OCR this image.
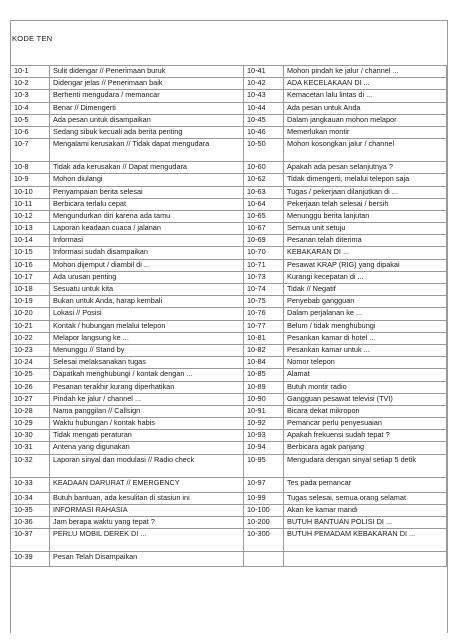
KODE TEN
10-1	Sulit didengar // Penerimaan buruk	10-41	Mohon pindah ke jalur / channel ...
10-2	Didengar jelas // Penerimaan baik	10-42	ADA KECELAKAAN DI ...
10-3	Berhenti mengudara / memancar	10-43	Kemacetan lalu lintas di ...
10-4	Benar // Dimengerti	10-44	Ada pesan untuk Anda
10-5	Ada pesan untuk disampaikan	10-45	Dalam jangkauan mohon melapor
10-6	Sedang sibuk kecuali ada berita penting	10-46	Memerlukan montir
10-7	Mengalami kerusakan // Tidak dapat mengudara	10-50	Mohon kosongkan jalur / channel
10-8	Tidak ada kerusakan // Dapat mengudara	10-60	Apakah ada pesan selanjutnya ?
10-9	Mohon diulangi	10-62	Tidak dimengerti, melalui telepon saja
10-10	Penyampaian berita selesai	10-63	Tugas / pekerjaan dilanjutkan di ...
10-11	Berbicara terlalu cepat	10-64	Pekerjaan telah selesai / bersih
10-12	Mengundurkan diri karena ada tamu	10-65	Menunggu berita lanjutan
10-13	Laporan keadaan cuaca / jalanan	10-67	Semua unit setuju
10-14	Informasi	10-69	Pesanan telah diterima
10-15	Informasi sudah disampaikan	10-70	KEBAKARAN DI ...
10-16	Mohon dijemput / diambil di ...	10-71	Pesawat KRAP (RIG) yang dipakai
10-17	Ada urusan penting	10-73	Kurangi kecepatan di ...
10-18	Sesuatu untuk kita	10-74	Tidak // Negatif
10-19	Bukan untuk Anda, harap kembali	10-75	Penyebab gangguan
10-20	Lokasi // Posisi	10-76	Dalam perjalanan ke ...
10-21	Kontak / hubungan melalui telepon	10-77	Belum / tidak menghubungi
10-22	Melapor langsung ke ...	10-81	Pesankan kamar di hotel ...
10-23	Menunggu // Stand by	10-82	Pesankan kamar untuk ...
10-24	Selesai melaksanakan tugas	10-84	Nomor telepon
10-25	Dapatkah menghubungi / kontak dengan ...	10-85	Alamat
10-26	Pesanan terakhir kurang diperhatikan	10-89	Butuh montir radio
10-27	Pindah ke jalur / channel ...	10-90	Gangguan pesawat televisi (TVI)
10-28	Nama panggilan // Callsign	10-91	Bicara dekat mikropon
10-29	Waktu hubungan / kontak habis	10-92	Pemancar perlu penyesuaian
10-30	Tidak mengati peraturan	10-93	Apakah frekuensi sudah tepat ?
10-31	Antena yang digunakan	10-94	Berbicara agak panjang
10-32	Laporan sinyal dan modulasi // Radio check	10-95	Mengudara dengan sinyal setiap 5 detik
10-33	KEADAAN DARURAT // EMERGENCY	10-97	Tes pada pemancar
10-34	Butuh bantuan, ada kesulitan di stasiun ini	10-99	Tugas selesai, semua orang selamat
10-35	INFORMASI RAHASIA	10-100	Akan ke kamar mandi
10-36	Jam berapa waktu yang tepat ?	10-200	BUTUH BANTUAN POLISI DI ...
10-37	PERLU MOBIL DEREK DI ...	10-300	BUTUH PEMADAM KEBAKARAN DI ...
10-39	Pesan Telah Disampaikan		
